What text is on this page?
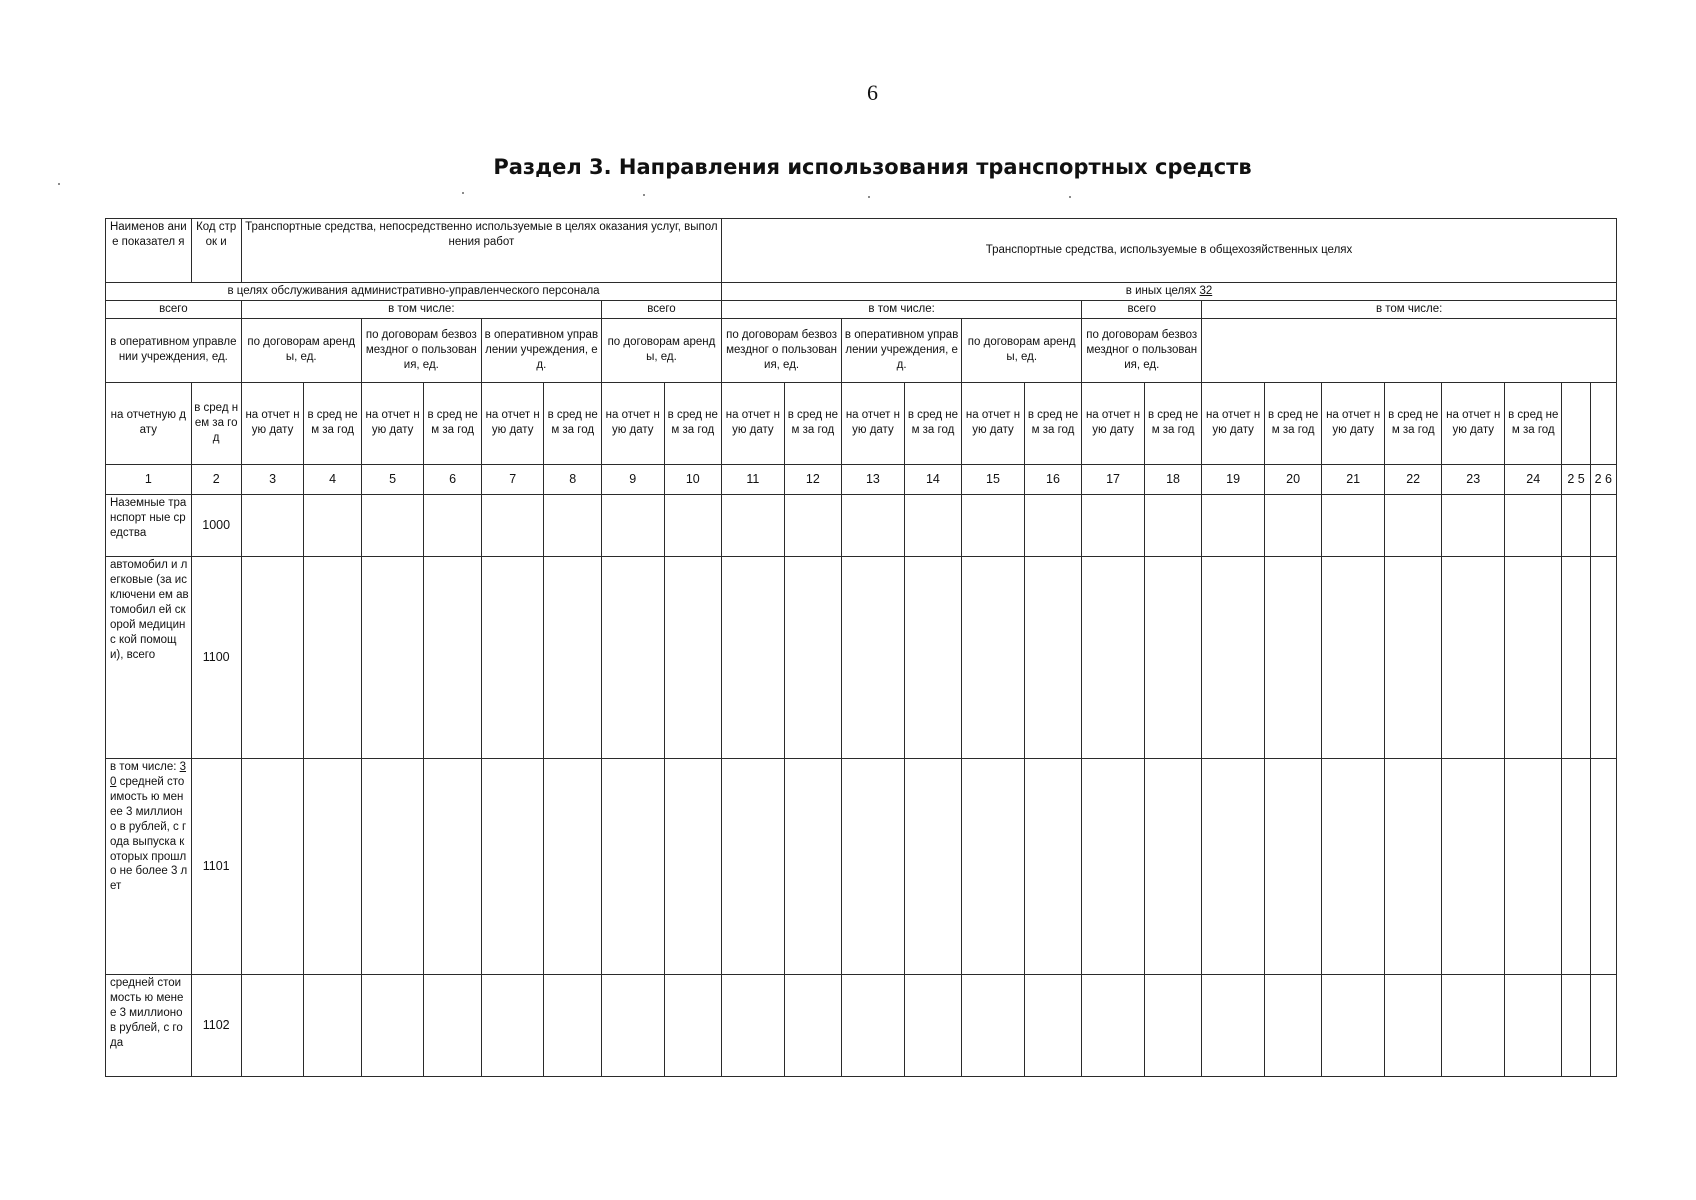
6
Раздел 3. Направления использования транспортных средств
Наименов ание показател я	Код строк и	Транспортные средства, непосредственно используемые в целях оказания услуг, выполнения работ								Транспортные средства, используемые в общехозяйственных целях															
в целях обслуживания административно-управленческого персонала										в иных целях 32															
всего		в том числе:						всего		в том числе:						всего		в том числе:							
в оперативном управлении учреждения, ед.		по договорам аренды, ед.		по договорам безвозмездног о пользования, ед.		в оперативном управлении учреждения, ед.		по договорам аренды, ед.		по договорам безвозмездног о пользования, ед.		в оперативном управлении учреждения, ед.		по договорам аренды, ед.		по договорам безвозмездног о пользования, ед.									
на отчетную дату	в сред нем за год	на отчет ную дату	в сред нем за год	на отчет ную дату	в сред нем за год	на отчет ную дату	в сред нем за год	на отчет ную дату	в сред нем за год	на отчет ную дату	в сред нем за год	на отчет ную дату	в сред нем за год	на отчет ную дату	в сред нем за год	на отчет ную дату	в сред нем за год	на отчет ную дату	в сред нем за год	на отчет ную дату	в сред нем за год	на отчет ную дату	в сред нем за год		
1	2	3	4	5	6	7	8	9	10	11	12	13	14	15	16	17	18	19	20	21	22	23	24	2 5	2 6
Наземные транспорт ные средства	1000																								
автомобил и легковые (за исключени ем автомобил ей скорой медицинс кой помощи), всего	1100																								
в том числе: 30 средней стоимость ю менее 3 миллионо в рублей, с года выпуска которых прошло не более 3 лет	1101																								
средней стоимость ю менее 3 миллионо в рублей, с года	1102																								
